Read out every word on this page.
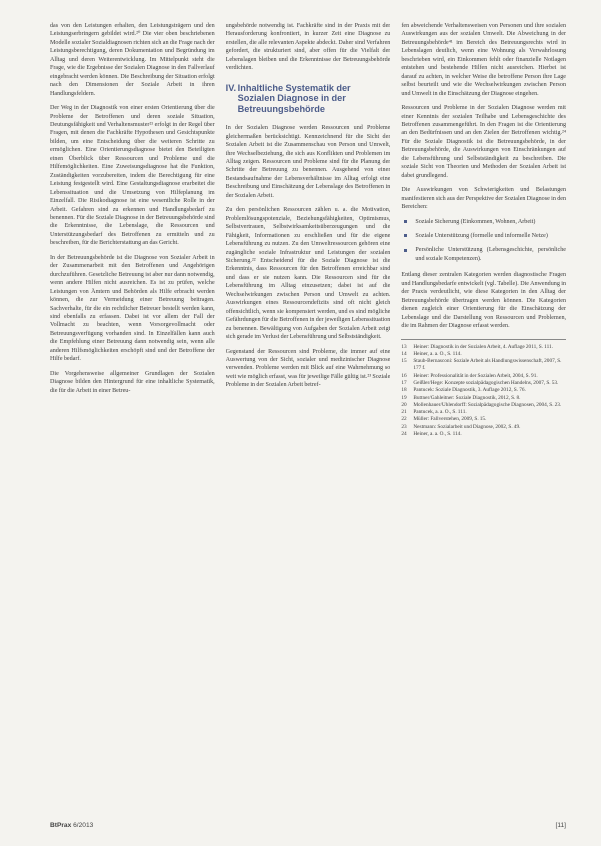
das von den Leistungen erhalten, den Leistungsträgern und den Leistungserbringern gebildet wird.²⁰ Die vier oben beschriebenen Modelle sozialer Sozialdiagnosen richten sich an die Frage nach der Leistungsberechtigung, deren Dokumentation und Begründung im Alltag und deren Weiterentwicklung. Im Mittelpunkt steht die Frage, wie die Ergebnisse der Sozialen Diagnose in den Fallverlauf eingebracht werden können. Die Beschreibung der Situation erfolgt nach den Dimensionen der Soziale Arbeit in ihren Handlungsfeldern.

Der Weg in der Diagnostik von einer ersten Orientierung über die Probleme der Betroffenen und deren soziale Situation, Deutungsfähigkeit und Verhaltensmuster²¹ erfolgt in der Regel über Fragen, mit denen die Fachkräfte Hypothesen und Gesichtspunkte bilden, um eine Entscheidung über die weiteren Schritte zu ermöglichen. Eine Orientierungsdiagnose bietet den Beteiligten einen Überblick über Ressourcen und Probleme und die Hilfemöglichkeiten. Eine Zuweisungsdiagnose hat die Funktion, Zuständigkeiten vorzubereiten, indem die Berechtigung für eine Leistung festgestellt wird. Eine Gestaltungsdiagnose erarbeitet die Lebenssituation und die Umsetzung von Hilfeplanung im Einzelfall. Die Risikodiagnose ist eine wesentliche Rolle in der Arbeit. Gefahren sind zu erkennen und Handlungsbedarf zu benennen. Für die Soziale Diagnose in der Betreuungsbehörde sind die Erkenntnisse, die Lebenslage, die Ressourcen und Unterstützungsbedarf des Betroffenen zu ermitteln und zu beschreiben, für die Berichterstattung an das Gericht.

In der Betreuungsbehörde ist die Diagnose von Sozialer Arbeit in der Zusammenarbeit mit den Betroffenen und Angehörigen durchzuführen. Gesetzliche Betreuung ist aber nur dann notwendig, wenn andere Hilfen nicht ausreichen. Es ist zu prüfen, welche Leistungen von Ämtern und Behörden als Hilfe erbracht werden können, die zur Vermeidung einer Betreuung beitragen. Sachverhalte, für die ein rechtlicher Betreuer bestellt werden kann, sind ebenfalls zu erfassen. Dabei ist vor allem der Fall der Vollmacht zu beachten, wenn Vorsorgevollmacht oder Betreuungsverfügung vorhanden sind. In Einzelfällen kann auch die Empfehlung einer Betreuung dann notwendig sein, wenn alle anderen Hilfsmöglichkeiten erschöpft sind und der Betroffene der Hilfe bedarf.

Die Vorgehensweise allgemeiner Grundlagen der Sozialen Diagnose bilden den Hintergrund für eine inhaltliche Systematik, die für die Arbeit in einer Betreu-

ungsbehörde notwendig ist. Fachkräfte sind in der Praxis mit der Herausforderung konfrontiert, in kurzer Zeit eine Diagnose zu erstellen, die alle relevanten Aspekte abdeckt. Daher sind Verfahren gefordert, die strukturiert sind, aber offen für die Vielfalt der Lebenslagen bleiben und die Erkenntnisse der Betreuungsbehörde verdichten.

IV. Inhaltliche Systematik der
Sozialen Diagnose in der
Betreuungsbehörde

In der Sozialen Diagnose werden Ressourcen und Probleme gleichermaßen berücksichtigt. Kennzeichnend für die Sicht der Sozialen Arbeit ist die Zusammenschau von Person und Umwelt, ihre Wechselbeziehung, die sich aus Konflikten und Problemen im Alltag zeigen. Ressourcen und Probleme sind für die Planung der Schritte der Betreuung zu benennen. Ausgehend von einer Bestandsaufnahme der Lebensverhältnisse im Alltag erfolgt eine Beschreibung und Einschätzung der Lebenslage des Betroffenen in der Sozialen Arbeit.

Zu den persönlichen Ressourcen zählen u. a. die Motivation, Problemlösungspotenziale, Beziehungsfähigkeiten, Optimismus, Selbstvertrauen, Selbstwirksamkeitsüberzeugungen und die Fähigkeit, Informationen zu erschließen und für die eigene Lebensführung zu nutzen. Zu den Umweltressourcen gehören eine zugängliche soziale Infrastruktur und Leistungen der sozialen Sicherung.²² Entscheidend für die Soziale Diagnose ist die Erkenntnis, dass Ressourcen für den Betroffenen erreichbar sind und dass er sie nutzen kann. Die Ressourcen sind für die Lebensführung im Alltag einzusetzen; dabei ist auf die Wechselwirkungen zwischen Person und Umwelt zu achten. Auswirkungen eines Ressourcendefizits sind oft nicht gleich offensichtlich, wenn sie kompensiert werden, und es sind mögliche Gefährdungen für die Betroffenen in der jeweiligen Lebenssituation zu benennen. Bewältigung von Aufgaben der Sozialen Arbeit zeigt sich gerade im Verlust der Lebensführung und Selbstständigkeit.

Gegenstand der Ressourcen sind Probleme, die immer auf eine Auswertung von der Sicht, sozialer und medizinischer Diagnose verwenden. Probleme werden mit Blick auf eine Wahrnehmung so weit wie möglich erfasst, was für jeweilige Fälle gültig ist.²³ Soziale Probleme in der Sozialen Arbeit betref-

fen abweichende Verhaltensweisen von Personen und ihre sozialen Auswirkungen aus der sozialen Umwelt. Die Abweichung in der Betreuungsbehörde⁴¹ im Bereich des Betreuungsrechts wird in Lebenslagen deutlich, wenn eine Wohnung als Verwahrlosung beschrieben wird, ein Einkommen fehlt oder finanzielle Notlagen entstehen und bestehende Hilfen nicht ausreichen. Hierbei ist darauf zu achten, in welcher Weise die betroffene Person ihre Lage selbst beurteilt und wie die Wechselwirkungen zwischen Person und Umwelt in die Einschätzung der Diagnose eingehen.

Ressourcen und Probleme in der Sozialen Diagnose werden mit einer Kenntnis der sozialen Teilhabe und Lebensgeschichte des Betroffenen zusammengeführt. In den Fragen ist die Orientierung an den Bedürfnissen und an den Zielen der Betroffenen wichtig.²⁴ Für die Soziale Diagnostik ist die Betreuungsbehörde, in der Betreuungsbehörde, die Auswirkungen von Einschränkungen auf die Lebensführung und Selbstständigkeit zu beschreiben. Die soziale Sicht von Theorien und Methoden der Sozialen Arbeit ist dabei grundlegend.

Die Auswirkungen von Schwierigkeiten und Belastungen manifestieren sich aus der Perspektive der Sozialen Diagnose in den Bereichen:

Soziale Sicherung (Einkommen, Wohnen, Arbeit)
Soziale Unterstützung (formelle und informelle Netze)
Persönliche Unterstützung (Lebensgeschichte, persönliche und soziale Kompetenzen).

Entlang dieser zentralen Kategorien werden diagnostische Fragen und Handlungsbedarfe entwickelt (vgl. Tabelle). Die Anwendung in der Praxis verdeutlicht, wie diese Kategorien in den Alltag der Betreuungsbehörde übertragen werden können. Die Kategorien dienen zugleich einer Orientierung für die Einschätzung der Lebenslage und die Darstellung von Ressourcen und Problemen, die im Rahmen der Diagnose erfasst werden.

13	Heiner: Diagnostik in der Sozialen Arbeit, 4. Auflage 2011, S. 111.
14	Heiner, a. a. O., S. 114.
15	Staub-Bernasconi: Soziale Arbeit als Handlungswissenschaft, 2007, S. 177 f.
16	Heiner: Professionalität in der Sozialen Arbeit, 2004, S. 91.
17	Geißler/Hege: Konzepte sozialpädagogischen Handelns, 2007, S. 53.
18	Pantucek: Soziale Diagnostik, 3. Auflage 2012, S. 76.
19	Buttner/Gahleitner: Soziale Diagnostik, 2012, S. 8.
20	Mollenhauer/Uhlendorff: Sozialpädagogische Diagnosen, 2004, S. 23.
21	Pantucek, a. a. O., S. 111.
22	Müller: Fallverstehen, 2009, S. 15.
23	Nestmann: Sozialarbeit und Diagnose, 2002, S. 49.
24	Heiner, a. a. O., S. 114.
BtPrax 6/2013	[11]
